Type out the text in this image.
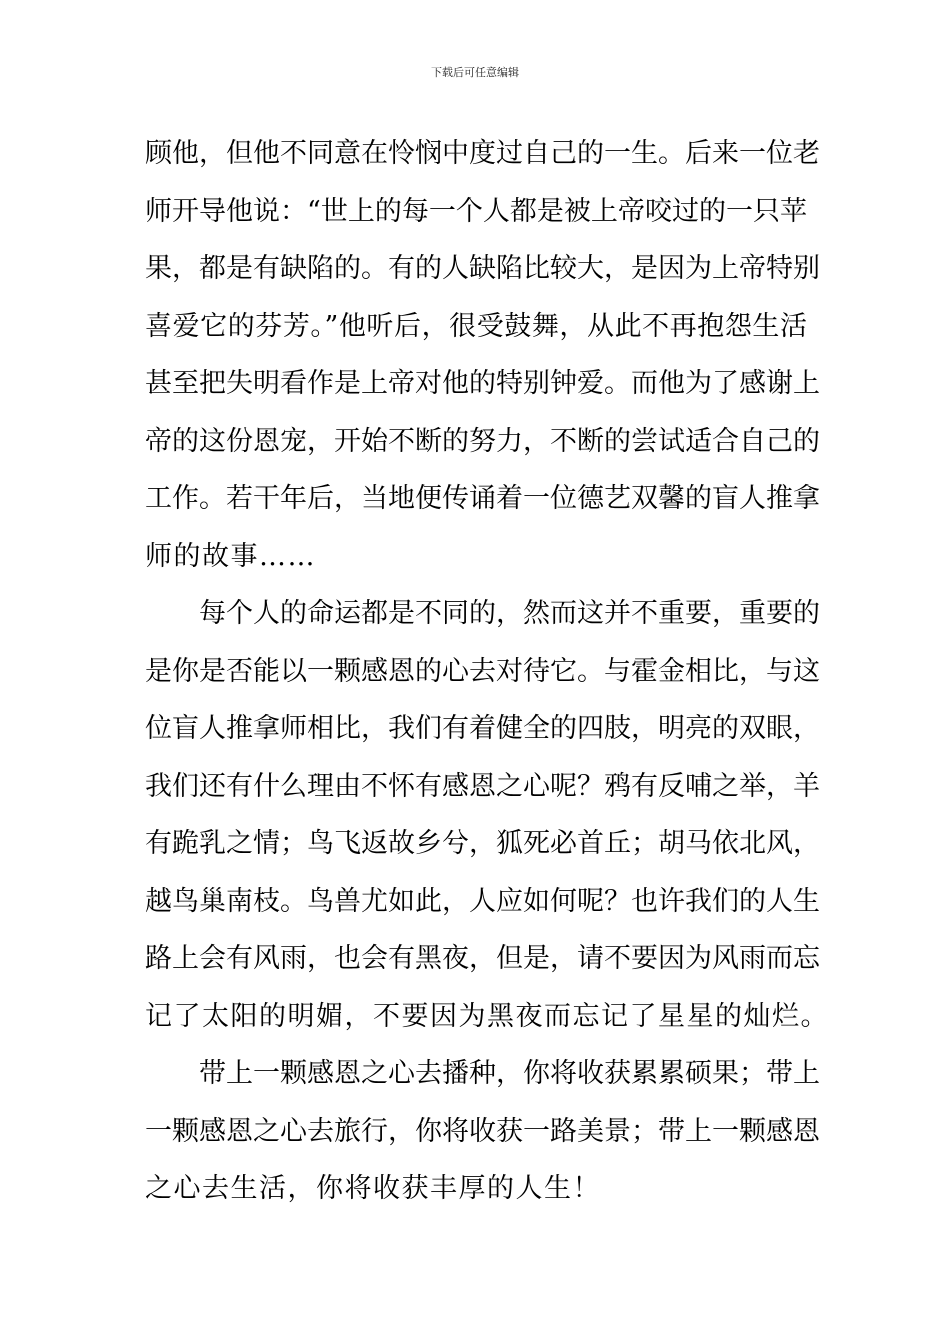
下载后可任意编辑
顾他，但他不同意在怜悯中度过自己的一生。后来一位老
师开导他说：“世上的每一个人都是被上帝咬过的一只苹
果，都是有缺陷的。有的人缺陷比较大，是因为上帝特别
喜爱它的芬芳。”他听后，很受鼓舞，从此不再抱怨生活
甚至把失明看作是上帝对他的特别钟爱。而他为了感谢上
帝的这份恩宠，开始不断的努力，不断的尝试适合自己的
工作。若干年后，当地便传诵着一位德艺双馨的盲人推拿
师的故事……
每个人的命运都是不同的，然而这并不重要，重要的
是你是否能以一颗感恩的心去对待它。与霍金相比，与这
位盲人推拿师相比，我们有着健全的四肢，明亮的双眼，
我们还有什么理由不怀有感恩之心呢？鸦有反哺之举，羊
有跪乳之情；鸟飞返故乡兮，狐死必首丘；胡马依北风，
越鸟巢南枝。鸟兽尤如此，人应如何呢？也许我们的人生
路上会有风雨，也会有黑夜，但是，请不要因为风雨而忘
记了太阳的明媚，不要因为黑夜而忘记了星星的灿烂。
带上一颗感恩之心去播种，你将收获累累硕果；带上
一颗感恩之心去旅行，你将收获一路美景；带上一颗感恩
之心去生活，你将收获丰厚的人生！
